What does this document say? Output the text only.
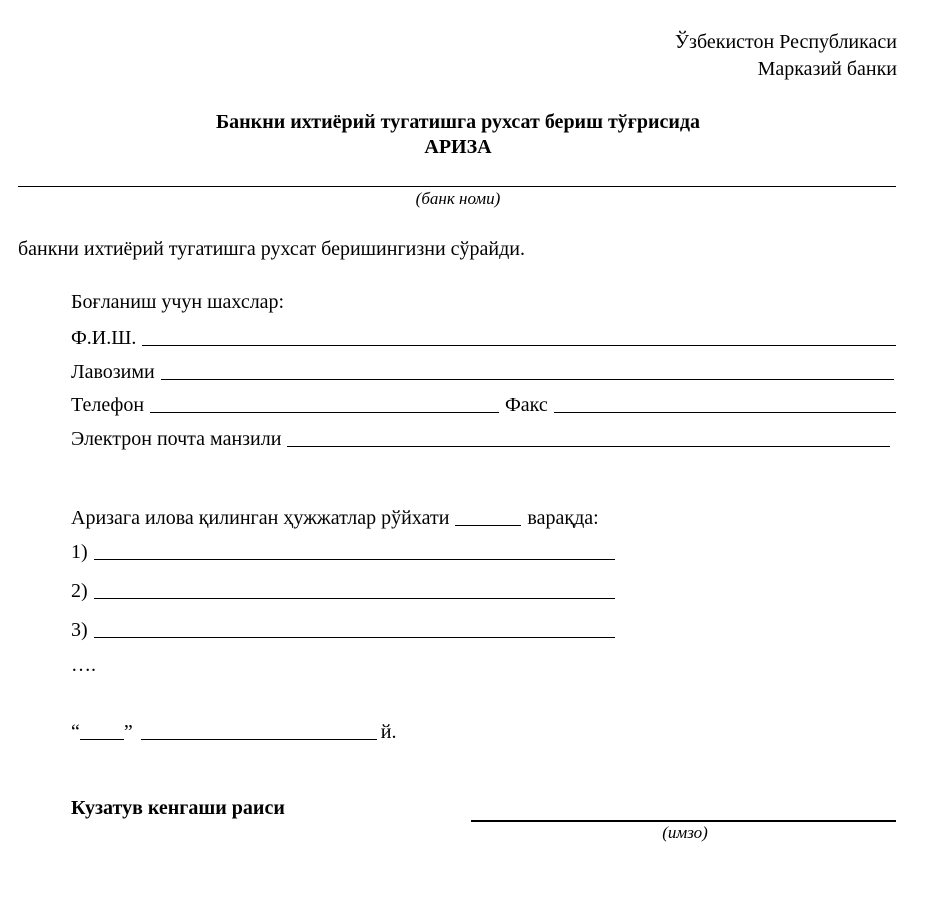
Ўзбекистон Республикаси
Марказий банки
Банкни ихтиёрий тугатишга рухсат бериш тўғрисида
АРИЗА
(банк номи)
банкни ихтиёрий тугатишга рухсат беришингизни сўрайди.
Боғланиш учун шахслар:
Ф.И.Ш.
Лавозими
Телефон	Факс
Электрон почта манзили
Аризага илова қилинган ҳужжатлар рўйхати	варақда:
1)
2)
3)
….
“ ”	й.
Кузатув кенгаши раиси
(имзо)
